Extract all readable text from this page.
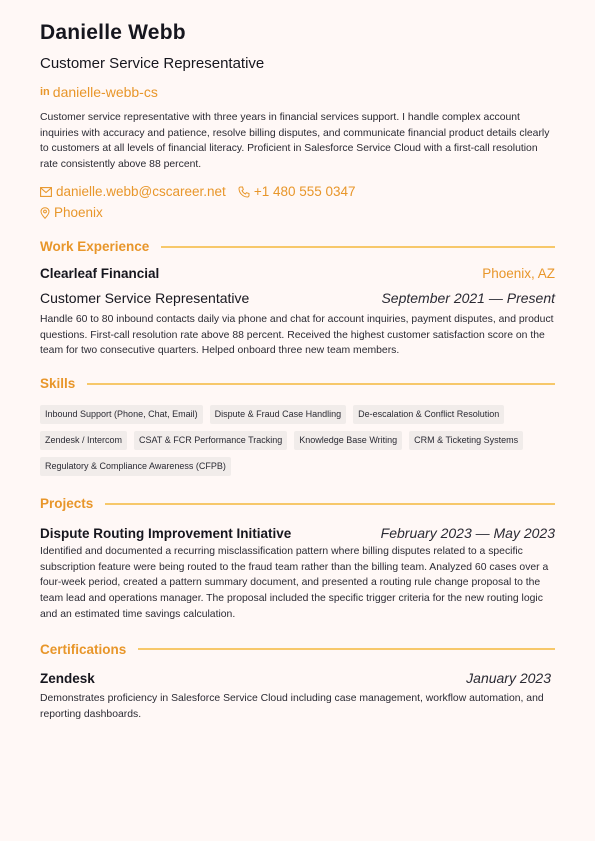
Danielle Webb
Customer Service Representative
in danielle-webb-cs
Customer service representative with three years in financial services support. I handle complex account inquiries with accuracy and patience, resolve billing disputes, and communicate financial product details clearly to customers at all levels of financial literacy. Proficient in Salesforce Service Cloud with a first-call resolution rate consistently above 88 percent.
danielle.webb@cscareer.net +1 480 555 0347
Phoenix
Work Experience
Clearleaf Financial	Phoenix, AZ
Customer Service Representative	September 2021 — Present
Handle 60 to 80 inbound contacts daily via phone and chat for account inquiries, payment disputes, and product questions. First-call resolution rate above 88 percent. Received the highest customer satisfaction score on the team for two consecutive quarters. Helped onboard three new team members.
Skills
Inbound Support (Phone, Chat, Email)	Dispute & Fraud Case Handling	De-escalation & Conflict Resolution
Zendesk / Intercom	CSAT & FCR Performance Tracking	Knowledge Base Writing	CRM & Ticketing Systems
Regulatory & Compliance Awareness (CFPB)
Projects
Dispute Routing Improvement Initiative	February 2023 — May 2023
Identified and documented a recurring misclassification pattern where billing disputes related to a specific subscription feature were being routed to the fraud team rather than the billing team. Analyzed 60 cases over a four-week period, created a pattern summary document, and presented a routing rule change proposal to the team lead and operations manager. The proposal included the specific trigger criteria for the new routing logic and an estimated time savings calculation.
Certifications
Zendesk	January 2023
Demonstrates proficiency in Salesforce Service Cloud including case management, workflow automation, and reporting dashboards.
